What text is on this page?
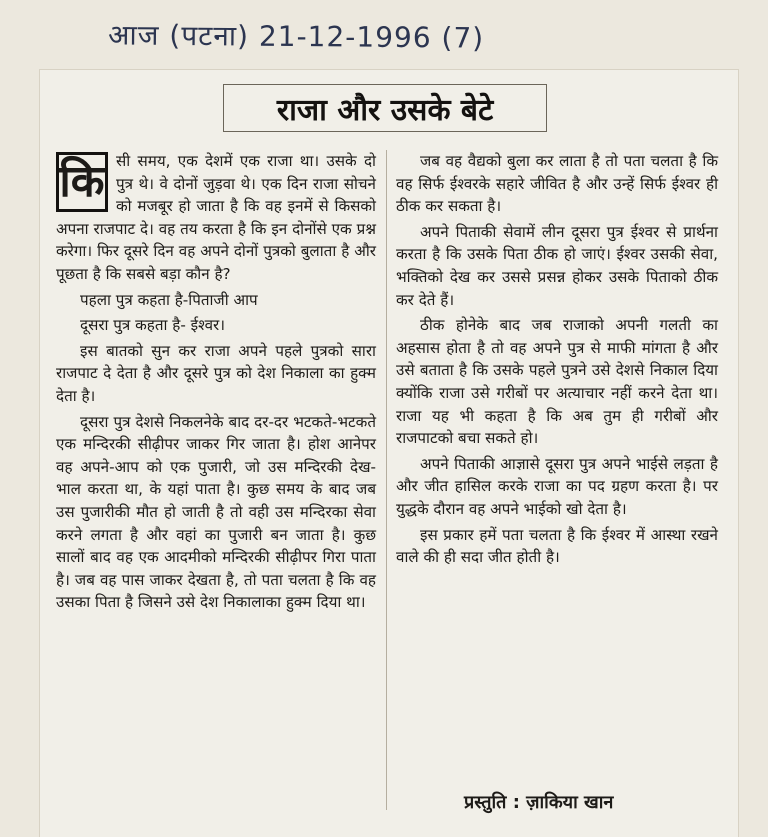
आज (पटना) 21-12-1996 (7)
राजा और उसके बेटे

कि सी समय, एक देशमें एक राजा था। उसके दो पुत्र थे। वे दोनों जुड़वा थे। एक दिन राजा सोचने को मजबूर हो जाता है कि वह इनमें से किसको अपना राजपाट दे। वह तय करता है कि इन दोनोंसे एक प्रश्न करेगा। फिर दूसरे दिन वह अपने दोनों पुत्रको बुलाता है और पूछता है कि सबसे बड़ा कौन है?

पहला पुत्र कहता है-पिताजी आप

दूसरा पुत्र कहता है- ईश्वर।

इस बातको सुन कर राजा अपने पहले पुत्रको सारा राजपाट दे देता है और दूसरे पुत्र को देश निकाला का हुक्म देता है।

दूसरा पुत्र देशसे निकलनेके बाद दर-दर भटकते-भटकते एक मन्दिरकी सीढ़ीपर जाकर गिर जाता है। होश आनेपर वह अपने-आप को एक पुजारी, जो उस मन्दिरकी देख-भाल करता था, के यहां पाता है। कुछ समय के बाद जब उस पुजारीकी मौत हो जाती है तो वही उस मन्दिरका सेवा करने लगता है और वहां का पुजारी बन जाता है। कुछ सालों बाद वह एक आदमीको मन्दिरकी सीढ़ीपर गिरा पाता है। जब वह पास जाकर देखता है, तो पता चलता है कि वह उसका पिता है जिसने उसे देश निकालाका हुक्म दिया था।

जब वह वैद्यको बुला कर लाता है तो पता चलता है कि वह सिर्फ ईश्वरके सहारे जीवित है और उन्हें सिर्फ ईश्वर ही ठीक कर सकता है।

अपने पिताकी सेवामें लीन दूसरा पुत्र ईश्वर से प्रार्थना करता है कि उसके पिता ठीक हो जाएं। ईश्वर उसकी सेवा, भक्तिको देख कर उससे प्रसन्न होकर उसके पिताको ठीक कर देते हैं।

ठीक होनेके बाद जब राजाको अपनी गलती का अहसास होता है तो वह अपने पुत्र से माफी मांगता है और उसे बताता है कि उसके पहले पुत्रने उसे देशसे निकाल दिया क्योंकि राजा उसे गरीबों पर अत्याचार नहीं करने देता था। राजा यह भी कहता है कि अब तुम ही गरीबों और राजपाटको बचा सकते हो।

अपने पिताकी आज्ञासे दूसरा पुत्र अपने भाईसे लड़ता है और जीत हासिल करके राजा का पद ग्रहण करता है। पर युद्धके दौरान वह अपने भाईको खो देता है।

इस प्रकार हमें पता चलता है कि ईश्वर में आस्था रखने वाले की ही सदा जीत होती है।

प्रस्तुति : ज़ाकिया खान
